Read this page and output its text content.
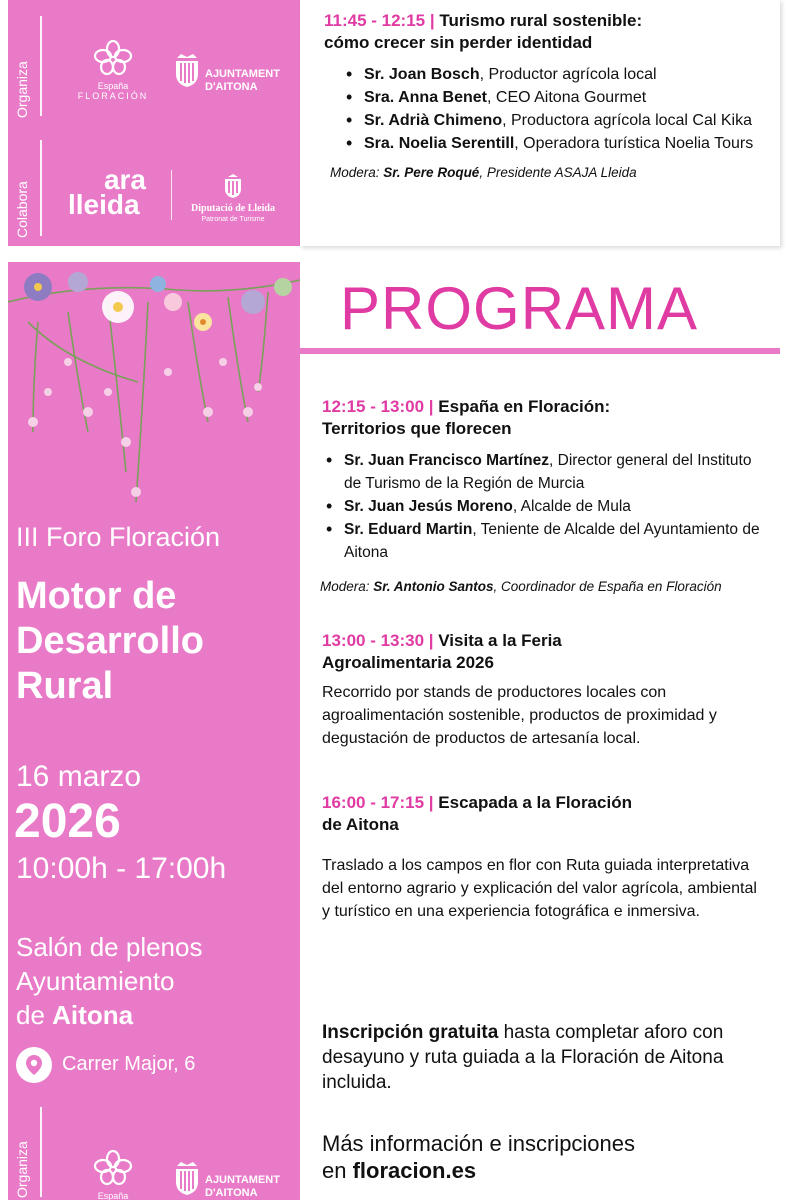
Organiza
Colabora
España
FLORACIÓN
AJUNTAMENT
D'AITONA
ara
lleida	Diputació de Lleida
Patronat de Turisme
11:45 - 12:15 | Turismo rural sostenible:
cómo crecer sin perder identidad
• Sr. Joan Bosch, Productor agrícola local
• Sra. Anna Benet, CEO Aitona Gourmet
• Sr. Adrià Chimeno, Productora agrícola local Cal Kika
• Sra. Noelia Serentill, Operadora turística Noelia Tours
Modera: Sr. Pere Roqué, Presidente ASAJA Lleida
III Foro Floración
Motor de
Desarrollo
Rural
16 marzo
2026
10:00h - 17:00h
Salón de plenos
Ayuntamiento
de Aitona
Carrer Major, 6
Organiza	España
AJUNTAMENT
D'AITONA
PROGRAMA
12:15 - 13:00 | España en Floración:
Territorios que florecen
• Sr. Juan Francisco Martínez, Director general del Instituto de Turismo de la Región de Murcia
• Sr. Juan Jesús Moreno, Alcalde de Mula
• Sr. Eduard Martin, Teniente de Alcalde del Ayuntamiento de Aitona
Modera: Sr. Antonio Santos, Coordinador de España en Floración
13:00 - 13:30 | Visita a la Feria
Agroalimentaria 2026
Recorrido por stands de productores locales con agroalimentación sostenible, productos de proximidad y degustación de productos de artesanía local.
16:00 - 17:15 | Escapada a la Floración
de Aitona
Traslado a los campos en flor con Ruta guiada interpretativa del entorno agrario y explicación del valor agrícola, ambiental y turístico en una experiencia fotográfica e inmersiva.
Inscripción gratuita hasta completar aforo con desayuno y ruta guiada a la Floración de Aitona incluida.
Más información e inscripciones
en floracion.es
